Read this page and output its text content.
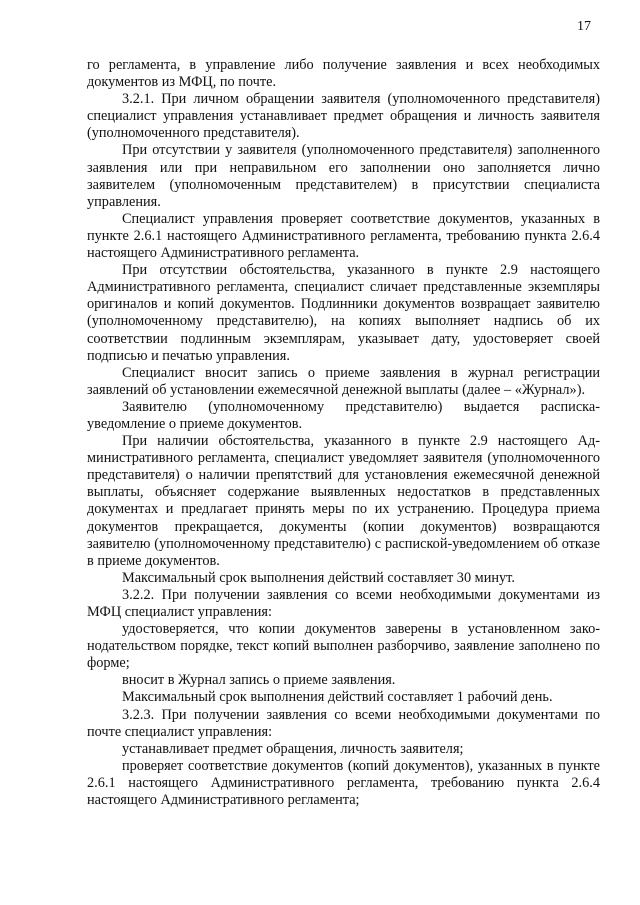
17

го регламента, в управление либо получение заявления и всех необходимых документов из МФЦ, по почте.

3.2.1. При личном обращении заявителя (уполномоченного представителя) специалист управления устанавливает предмет обращения и личность заявителя (уполномоченного представителя).

При отсутствии у заявителя (уполномоченного представителя) заполненного заявления или при неправильном его заполнении оно заполняется лично заявителем (уполномоченным представителем) в присутствии специалиста управления.

Специалист управления проверяет соответствие документов, указанных в пункте 2.6.1 настоящего Административного регламента, требованию пункта 2.6.4 настоящего Административного регламента.

При отсутствии обстоятельства, указанного в пункте 2.9 настоящего Административного регламента, специалист сличает представленные экземпляры оригиналов и копий документов. Подлинники документов возвращает заявителю (уполномоченному представителю), на копиях выполняет надпись об их соответствии подлинным экземплярам, указывает дату, удостоверяет своей подписью и печатью управления.

Специалист вносит запись о приеме заявления в журнал регистрации заявлений об установлении ежемесячной денежной выплаты (далее – «Журнал»).

Заявителю (уполномоченному представителю) выдается расписка-уведомление о приеме документов.

При наличии обстоятельства, указанного в пункте 2.9 настоящего Административного регламента, специалист уведомляет заявителя (уполномоченного представителя) о наличии препятствий для установления ежемесячной денежной выплаты, объясняет содержание выявленных недостатков в представленных документах и предлагает принять меры по их устранению. Процедура приема документов прекращается, документы (копии документов) возвращаются заявителю (уполномоченному представителю) с распиской-уведомлением об отказе в приеме документов.

Максимальный срок выполнения действий составляет 30 минут.

3.2.2. При получении заявления со всеми необходимыми документами из МФЦ специалист управления:

удостоверяется, что копии документов заверены в установленном законодательством порядке, текст копий выполнен разборчиво, заявление заполнено по форме;

вносит в Журнал запись о приеме заявления.

Максимальный срок выполнения действий составляет 1 рабочий день.

3.2.3. При получении заявления со всеми необходимыми документами по почте специалист управления:

устанавливает предмет обращения, личность заявителя;

проверяет соответствие документов (копий документов), указанных в пункте 2.6.1 настоящего Административного регламента, требованию пункта 2.6.4 настоящего Административного регламента;
